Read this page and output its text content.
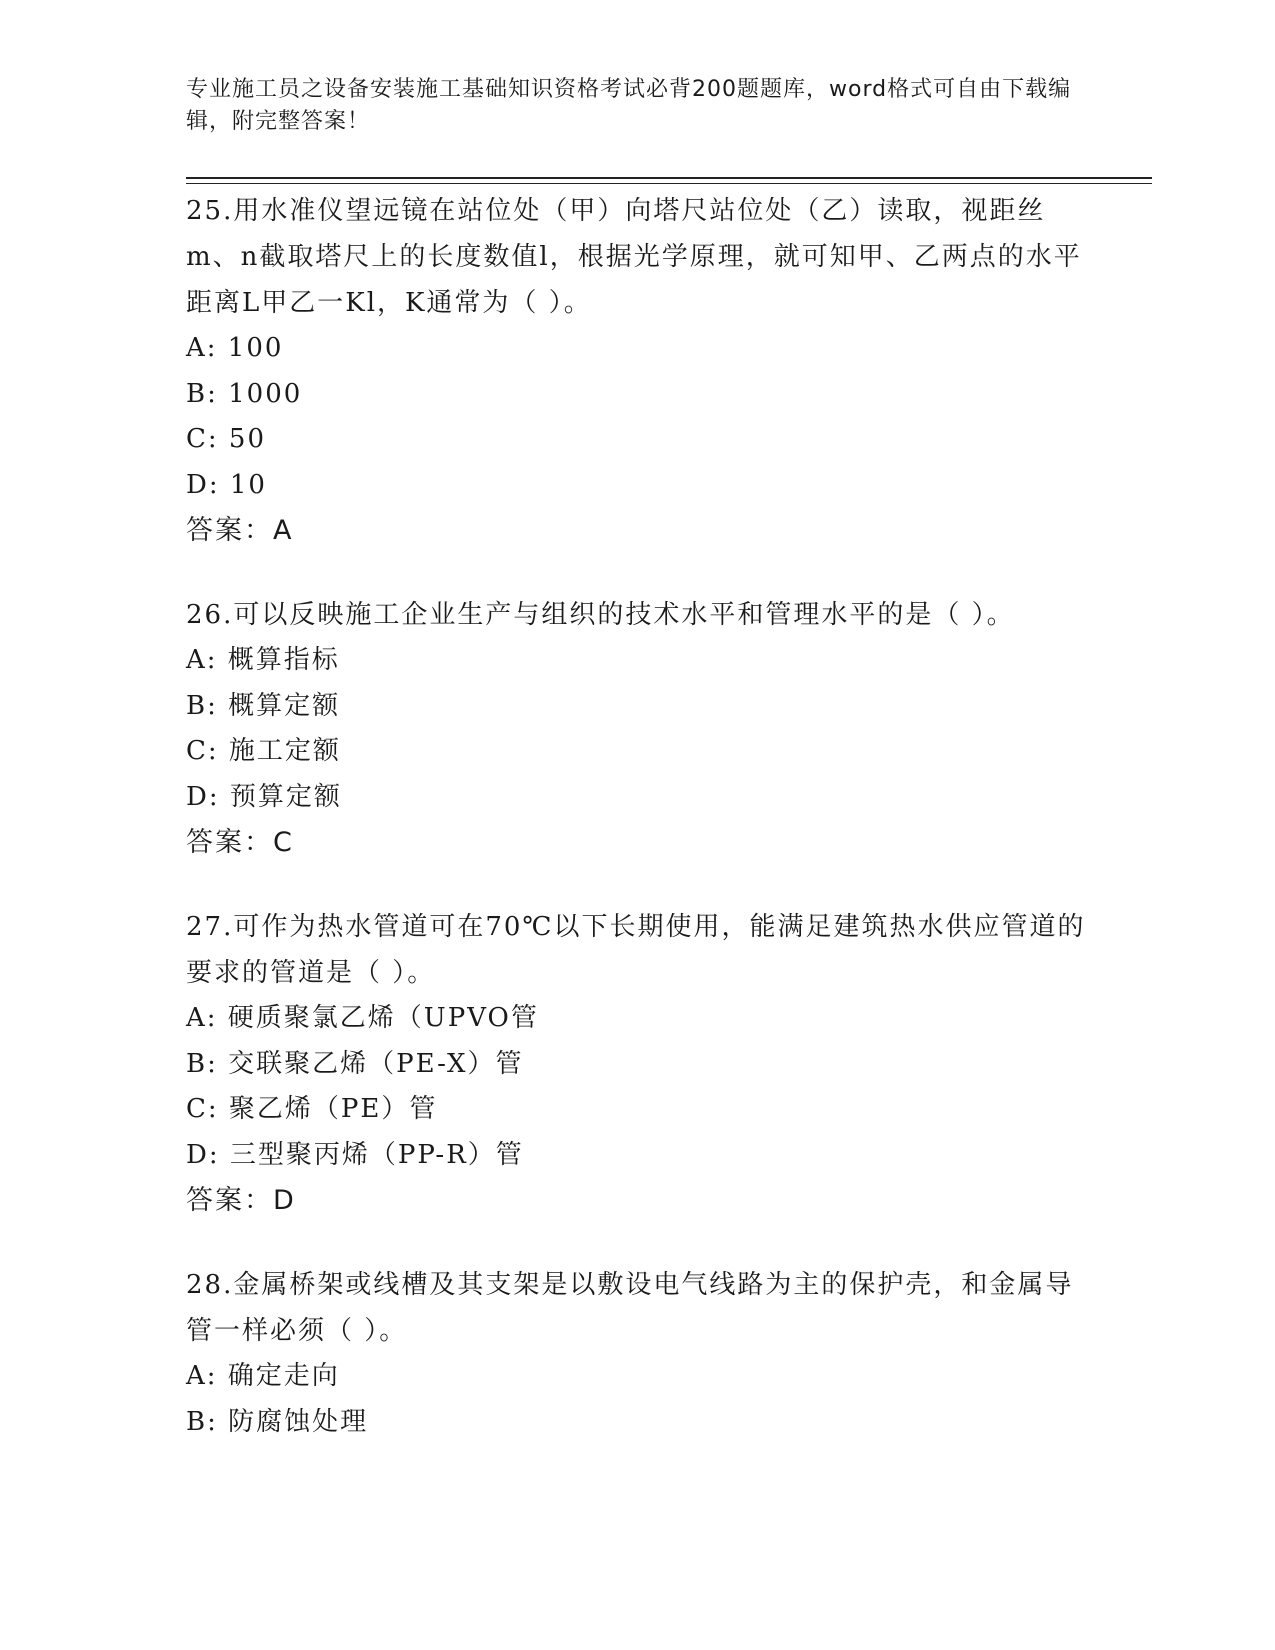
专业施工员之设备安装施工基础知识资格考试必背200题题库，word格式可自由下载编辑，附完整答案！

25.用水准仪望远镜在站位处（甲）向塔尺站位处（乙）读取，视距丝m、n截取塔尺上的长度数值l，根据光学原理，就可知甲、乙两点的水平距离L甲乙一Kl，K通常为（ ）。

A: 100

B: 1000

C: 50

D: 10

答案：A

26.可以反映施工企业生产与组织的技术水平和管理水平的是（ ）。

A: 概算指标

B: 概算定额

C: 施工定额

D: 预算定额

答案：C

27.可作为热水管道可在70℃以下长期使用，能满足建筑热水供应管道的要求的管道是（ ）。

A: 硬质聚氯乙烯（UPVO管

B: 交联聚乙烯（PE-X）管

C: 聚乙烯（PE）管

D: 三型聚丙烯（PP-R）管

答案：D

28.金属桥架或线槽及其支架是以敷设电气线路为主的保护壳，和金属导管一样必须（ ）。

A: 确定走向

B: 防腐蚀处理
